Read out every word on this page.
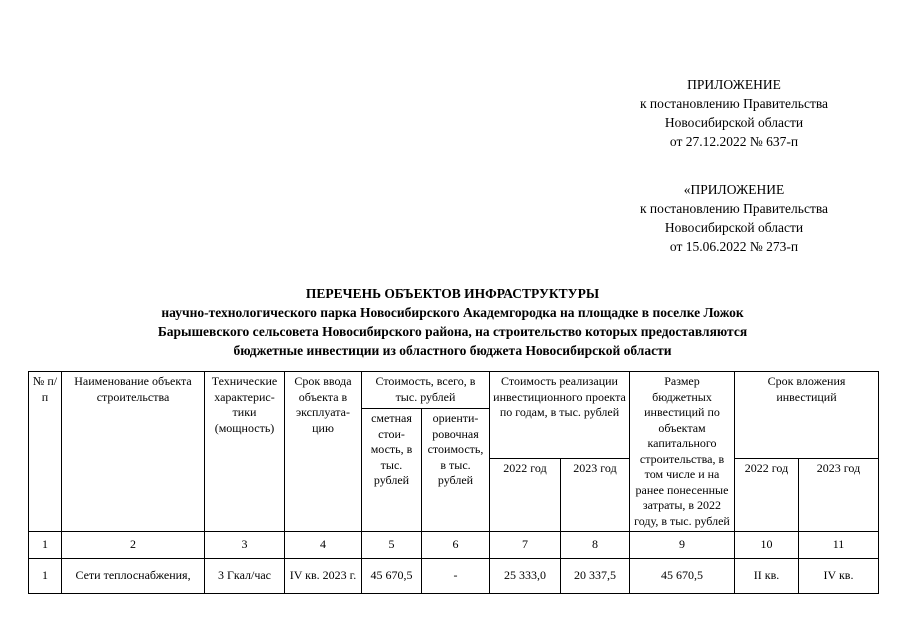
ПРИЛОЖЕНИЕ
к постановлению Правительства
Новосибирской области
от 27.12.2022 № 637-п
«ПРИЛОЖЕНИЕ
к постановлению Правительства
Новосибирской области
от 15.06.2022 № 273-п
ПЕРЕЧЕНЬ ОБЪЕКТОВ ИНФРАСТРУКТУРЫ
научно-технологического парка Новосибирского Академгородка на площадке в поселке Ложок
Барышевского сельсовета Новосибирского района, на строительство которых предоставляются
бюджетные инвестиции из областного бюджета Новосибирской области
№ п/п	Наименование объекта строительства	Технические характерис-тики (мощность)	Срок ввода объекта в эксплуата-цию	Стоимость, всего, в тыс. рублей		Стоимость реализации инвестиционного проекта по годам, в тыс. рублей		Размер бюджетных инвестиций по объектам капитального строительства, в том числе и на ранее понесенные затраты, в 2022 году, в тыс. рублей	Срок вложения инвестиций	
				сметная стои-мость, в тыс. рублей	ориенти-ровочная стоимость, в тыс. рублей					
						2022 год	2023 год		2022 год	2023 год
1	2	3	4	5	6	7	8	9	10	11
1	Сети теплоснабжения,	3 Гкал/час	IV кв. 2023 г.	45 670,5	-	25 333,0	20 337,5	45 670,5	II кв.	IV кв.
